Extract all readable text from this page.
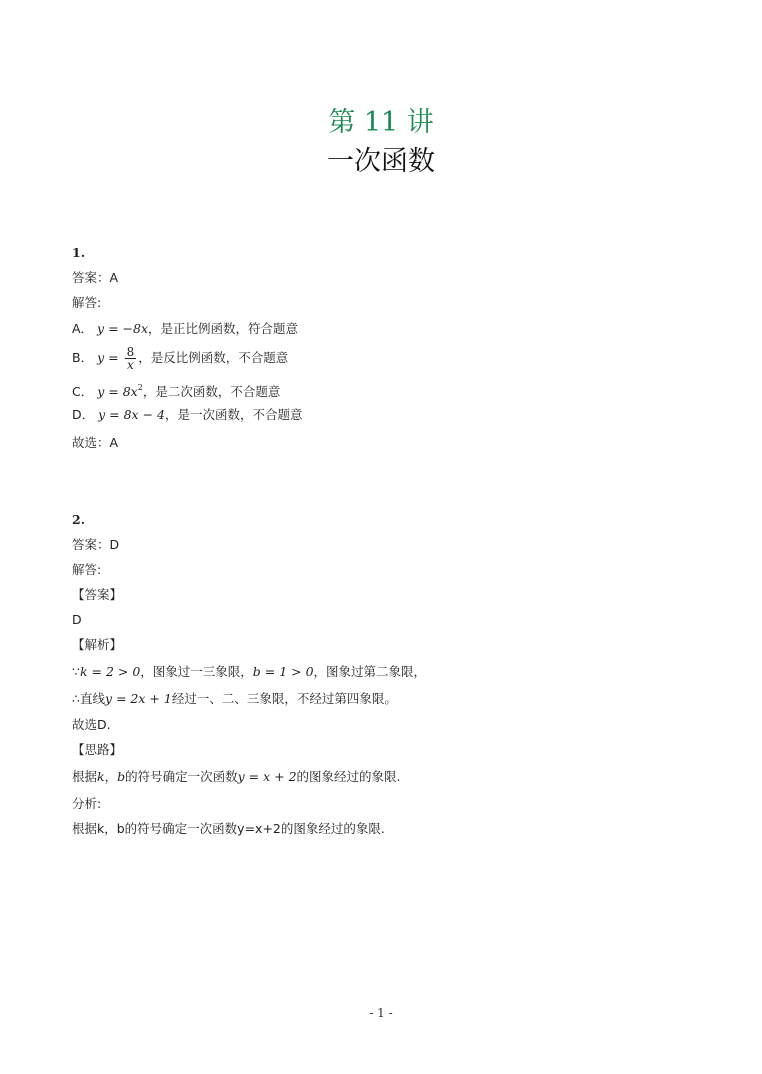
第 11 讲
一次函数
1.
答案：A
解答:
A． y = −8x，是正比例函数，符合题意
B． $y = \frac{8}{x}$ ，是反比例函数，不合题意
C． $y = 8x^2$，是二次函数，不合题意
D． y = 8x − 4，是一次函数，不合题意
故选：A
2.
答案：D
解答:
【答案】
D
【解析】
∵k = 2 > 0，图象过一三象限，b = 1 > 0，图象过第二象限，
∴直线y = 2x + 1经过一、二、三象限，不经过第四象限。
故选D.
【思路】
根据k，b的符号确定一次函数y = x + 2的图象经过的象限.
分析:
根据k，b的符号确定一次函数y=x+2的图象经过的象限.
- 1 -
